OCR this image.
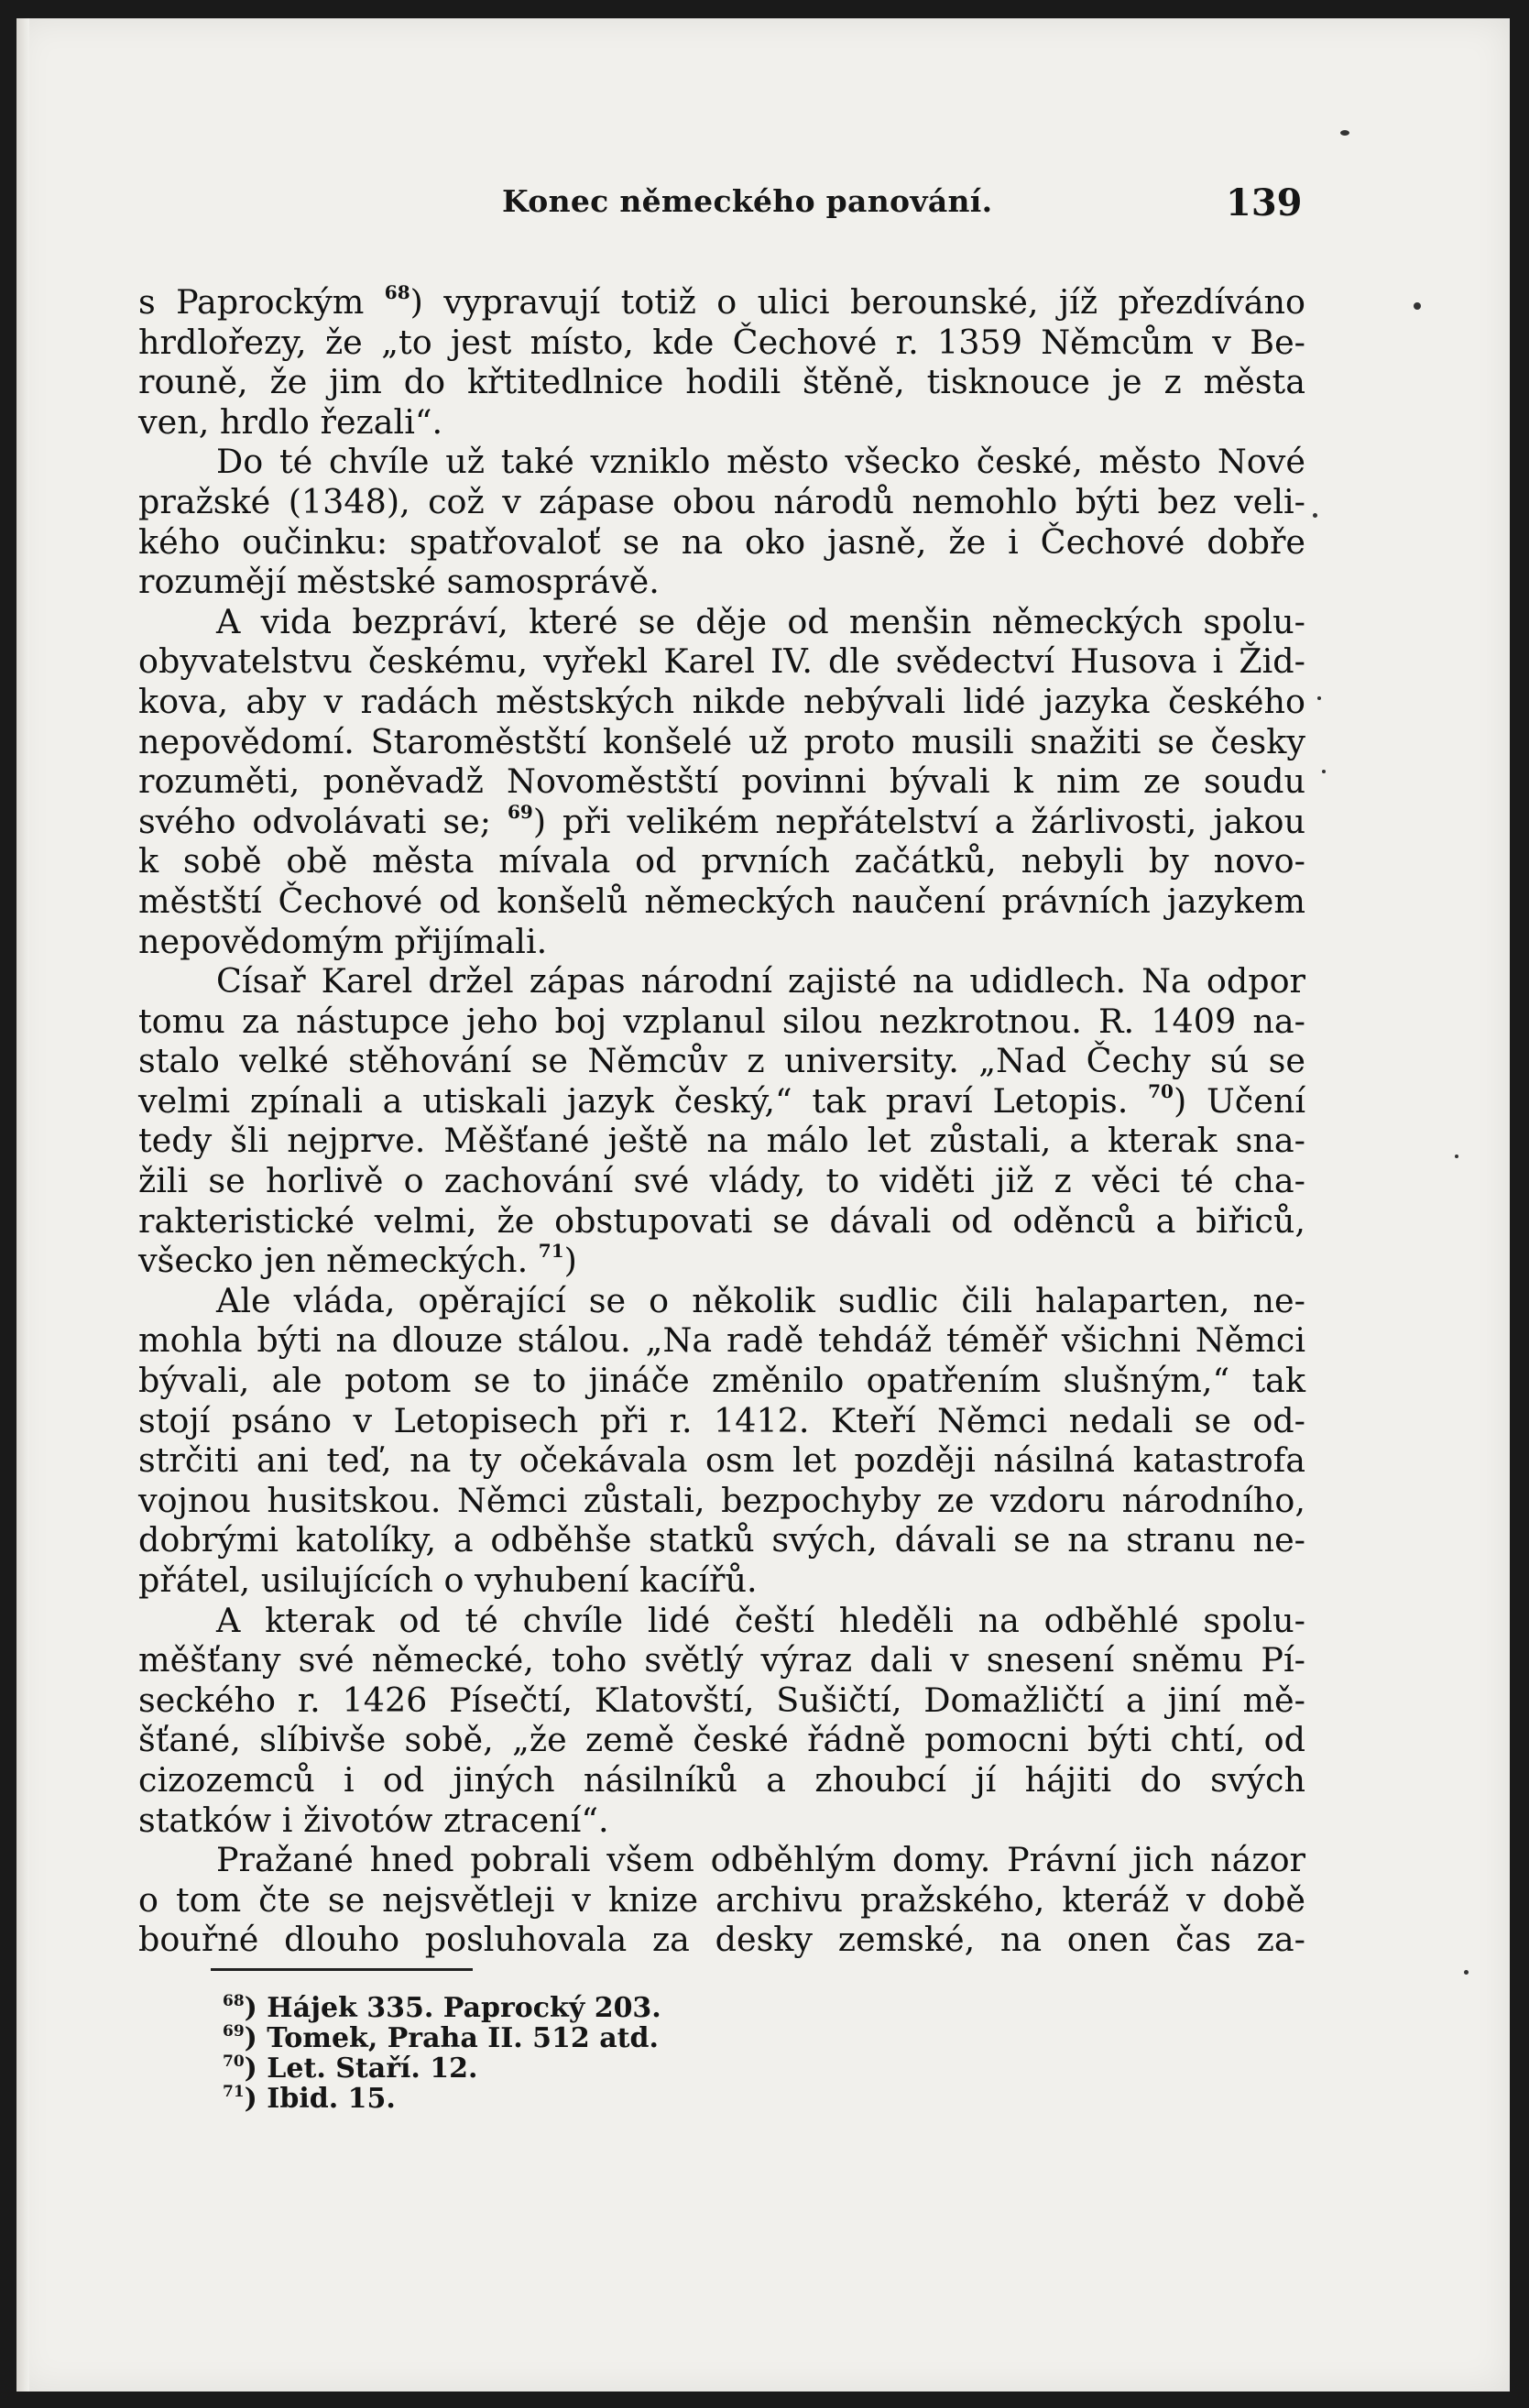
Konec německého panování.	139
s Paprockým $^{68}$) vypravují totiž o ulici berounské, jíž přezdíváno
hrdlořezy, že „to jest místo, kde Čechové r. 1359 Němcům v Be-
rouně, že jim do křtitedlnice hodili štěně, tisknouce je z města
ven, hrdlo řezali“.
Do té chvíle už také vzniklo město všecko české, město Nové
pražské (1348), což v zápase obou národů nemohlo býti bez veli-
kého oučinku: spatřovaloť se na oko jasně, že i Čechové dobře
rozumějí městské samosprávě.
A vida bezpráví, které se děje od menšin německých spolu-
obyvatelstvu českému, vyřekl Karel IV. dle svědectví Husova i Žid-
kova, aby v radách městských nikde nebývali lidé jazyka českého
nepovědomí. Staroměstští konšelé už proto musili snažiti se česky
rozuměti, poněvadž Novoměstští povinni bývali k nim ze soudu
svého odvolávati se; $^{69}$) při velikém nepřátelství a žárlivosti, jakou
k sobě obě města mívala od prvních začátků, nebyli by novo-
městští Čechové od konšelů německých naučení právních jazykem
nepovědomým přijímali.
Císař Karel držel zápas národní zajisté na udidlech. Na odpor
tomu za nástupce jeho boj vzplanul silou nezkrotnou. R. 1409 na-
stalo velké stěhování se Němcův z university. „Nad Čechy sú se
velmi zpínali a utiskali jazyk český,“ tak praví Letopis. $^{70}$) Učení
tedy šli nejprve. Měšťané ještě na málo let zůstali, a kterak sna-
žili se horlivě o zachování své vlády, to viděti již z věci té cha-
rakteristické velmi, že obstupovati se dávali od oděnců a biřiců,
všecko jen německých. $^{71}$)
Ale vláda, opěrající se o několik sudlic čili halaparten, ne-
mohla býti na dlouze stálou. „Na radě tehdáž téměř všichni Němci
bývali, ale potom se to jináče změnilo opatřením slušným,“ tak
stojí psáno v Letopisech při r. 1412. Kteří Němci nedali se od-
strčiti ani teď, na ty očekávala osm let později násilná katastrofa
vojnou husitskou. Němci zůstali, bezpochyby ze vzdoru národního,
dobrými katolíky, a odběhše statků svých, dávali se na stranu ne-
přátel, usilujících o vyhubení kacířů.
A kterak od té chvíle lidé čeští hleděli na odběhlé spolu-
měšťany své německé, toho světlý výraz dali v snesení sněmu Pí-
seckého r. 1426 Písečtí, Klatovští, Sušičtí, Domažličtí a jiní mě-
šťané, slíbivše sobě, „že země české řádně pomocni býti chtí, od
cizozemců i od jiných násilníků a zhoubcí jí hájiti do svých
statków i životów ztracení“.
Pražané hned pobrali všem odběhlým domy. Právní jich názor
o tom čte se nejsvětleji v knize archivu pražského, kteráž v době
bouřné dlouho posluhovala za desky zemské, na onen čas za-
$^{68}$) Hájek 335. Paprocký 203.
$^{69}$) Tomek, Praha II. 512 atd.
$^{70}$) Let. Staří. 12.
$^{71}$) Ibid. 15.
